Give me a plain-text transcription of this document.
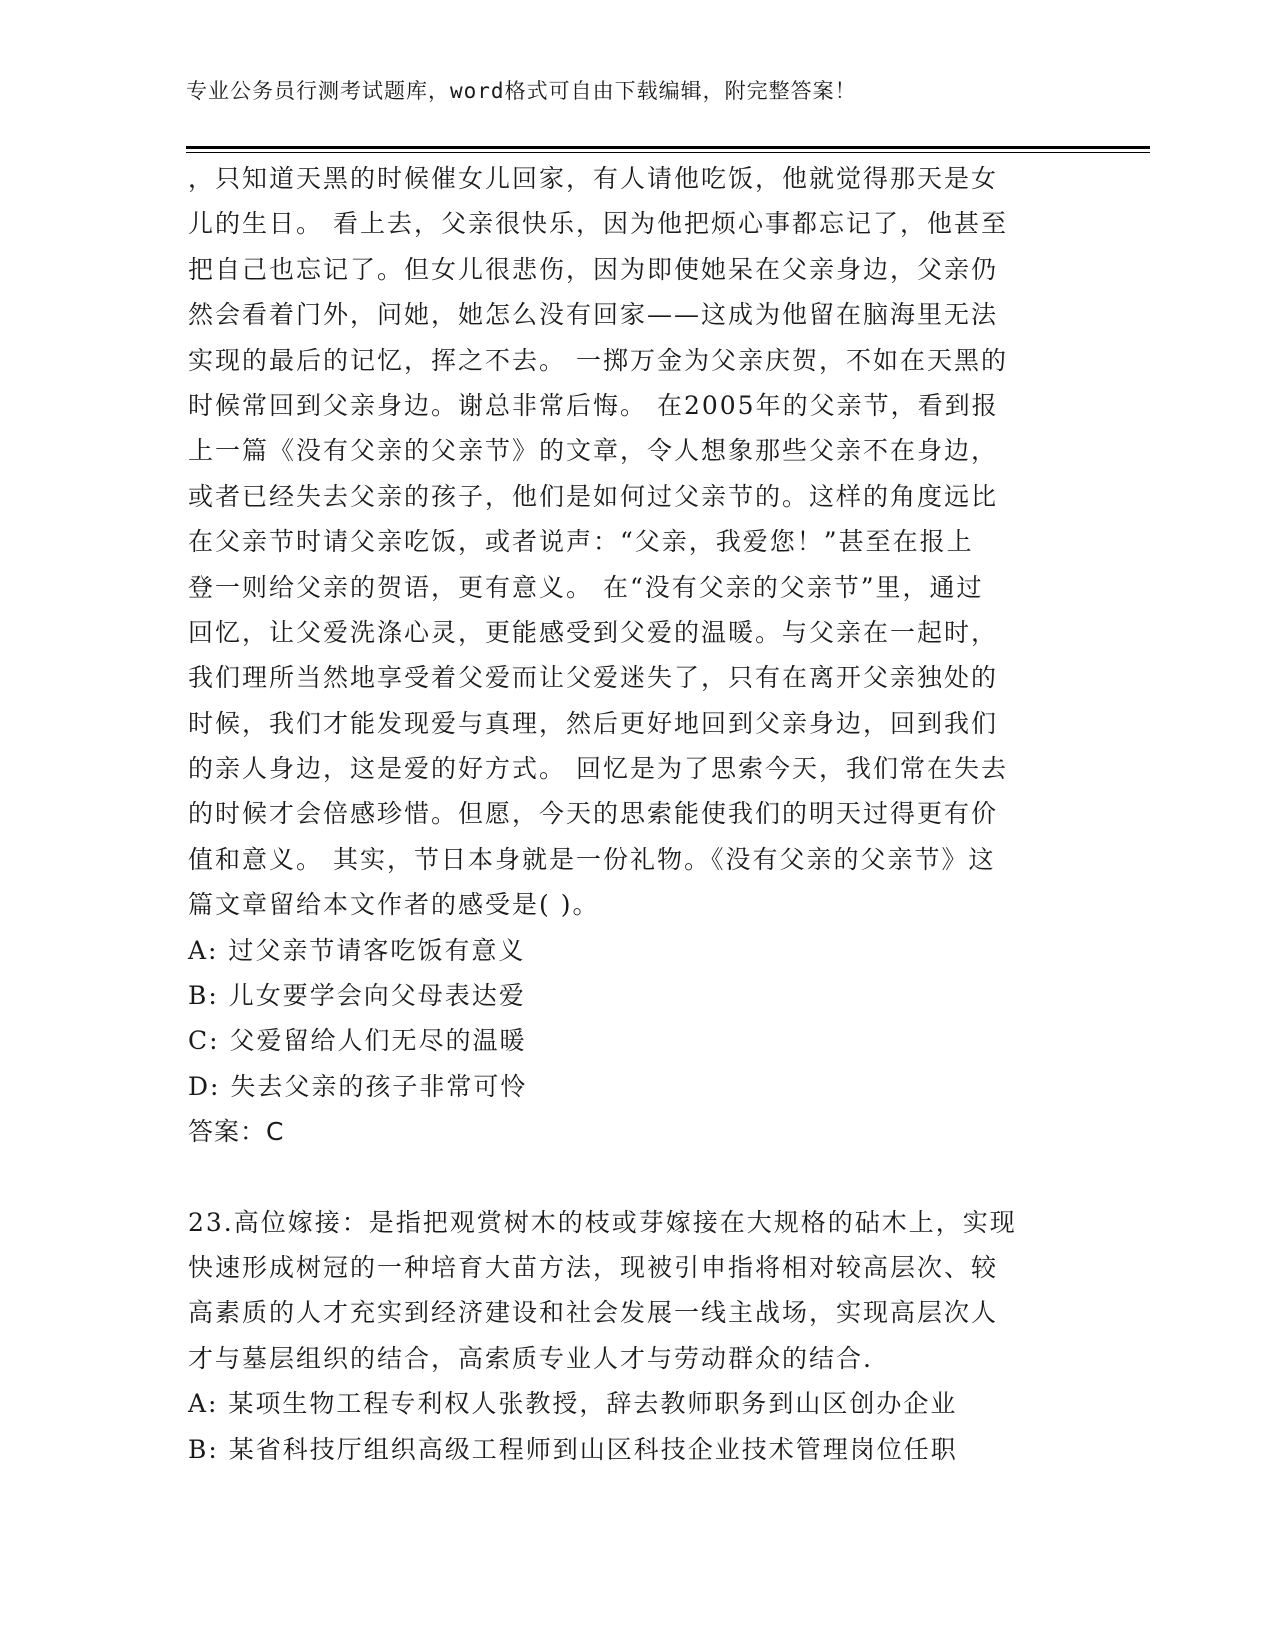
专业公务员行测考试题库，word格式可自由下载编辑，附完整答案！
，只知道天黑的时候催女儿回家，有人请他吃饭，他就觉得那天是女
儿的生日。 看上去，父亲很快乐，因为他把烦心事都忘记了，他甚至
把自己也忘记了。但女儿很悲伤，因为即使她呆在父亲身边，父亲仍
然会看着门外，问她，她怎么没有回家——这成为他留在脑海里无法
实现的最后的记忆，挥之不去。 一掷万金为父亲庆贺，不如在天黑的
时候常回到父亲身边。谢总非常后悔。 在2005年的父亲节，看到报
上一篇《没有父亲的父亲节》的文章，令人想象那些父亲不在身边，
或者已经失去父亲的孩子，他们是如何过父亲节的。这样的角度远比
在父亲节时请父亲吃饭，或者说声：“父亲，我爱您！”甚至在报上
登一则给父亲的贺语，更有意义。 在“没有父亲的父亲节”里，通过
回忆，让父爱洗涤心灵，更能感受到父爱的温暖。与父亲在一起时，
我们理所当然地享受着父爱而让父爱迷失了，只有在离开父亲独处的
时候，我们才能发现爱与真理，然后更好地回到父亲身边，回到我们
的亲人身边，这是爱的好方式。 回忆是为了思索今天，我们常在失去
的时候才会倍感珍惜。但愿，今天的思索能使我们的明天过得更有价
值和意义。 其实，节日本身就是一份礼物。《没有父亲的父亲节》这
篇文章留给本文作者的感受是( )。
A: 过父亲节请客吃饭有意义
B: 儿女要学会向父母表达爱
C: 父爱留给人们无尽的温暖
D: 失去父亲的孩子非常可怜
答案：C
23.高位嫁接：是指把观赏树木的枝或芽嫁接在大规格的砧木上，实现
快速形成树冠的一种培育大苗方法，现被引申指将相对较高层次、较
高素质的人才充实到经济建设和社会发展一线主战场，实现高层次人
才与墓层组织的结合，高索质专业人才与劳动群众的结合.
A: 某项生物工程专利权人张教授，辞去教师职务到山区创办企业
B: 某省科技厅组织高级工程师到山区科技企业技术管理岗位任职
